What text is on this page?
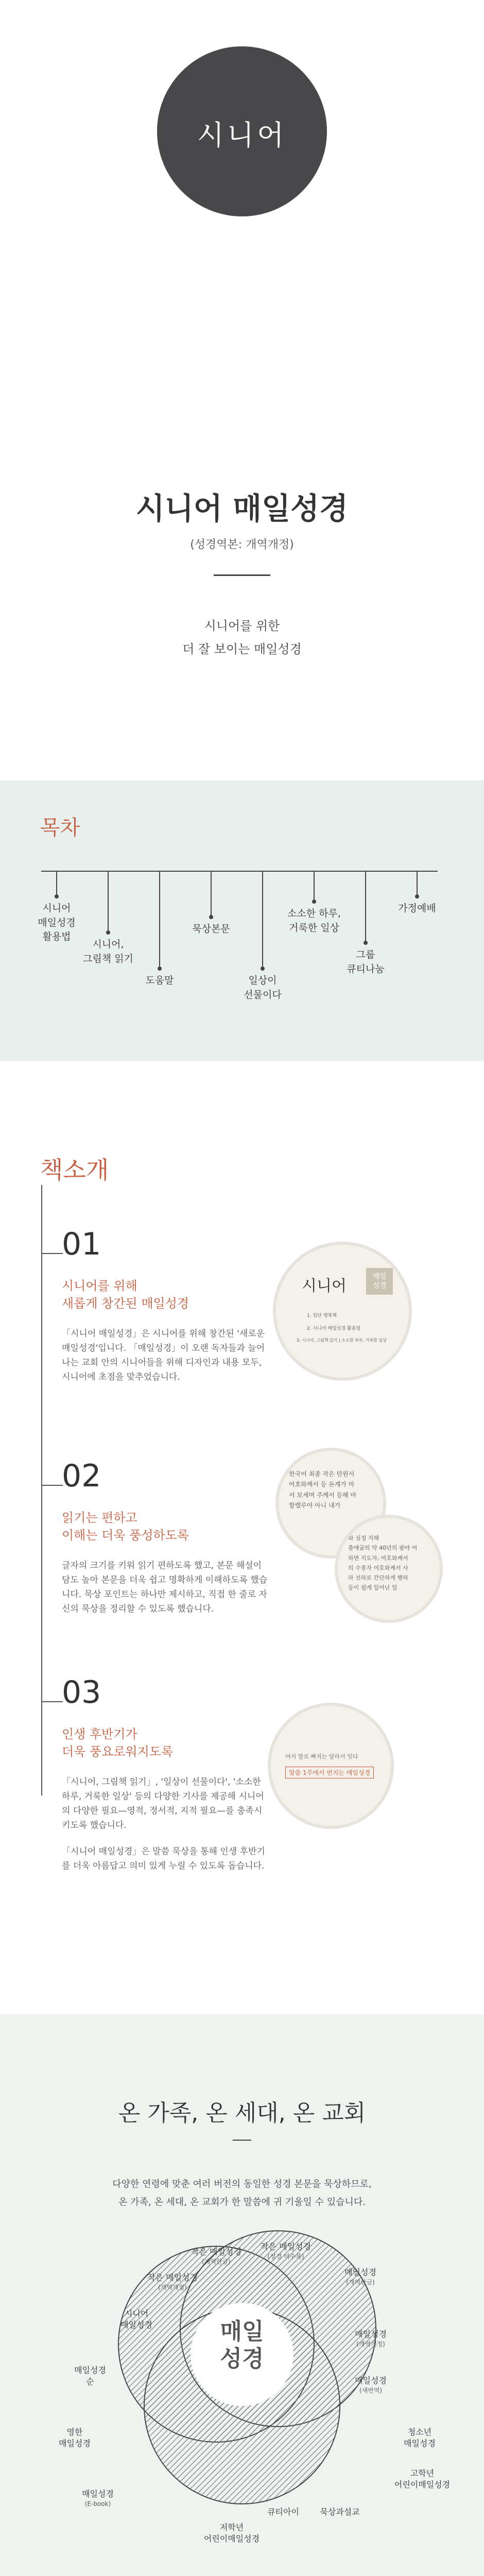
시니어
시니어 매일성경
(성경역본: 개역개정)
시니어를 위한
더 잘 보이는 매일성경
목차
시니어
매일성경
활용법
시니어,
그림책 읽기
도움말
묵상본문
일상이
선물이다
소소한 하루,
거룩한 일상
그룹
큐티나눔
가정예배
책소개
01
시니어를 위해
새롭게 창간된 매일성경
「시니어 매일성경」은 시니어를 위해 창간된 '새로운 매일성경'입니다. 「매일성경」이 오랜 독자들과 늘어나는 교회 안의 시니어들을 위해 디자인과 내용 모두, 시니어에 초점을 맞추었습니다.
시니어
매일
성경
1. 일단 행복해
2. 시니어 매일성경 활용법
3. 시니어, 그림책 읽기 | 소소한 하루, 거룩한 일상
02
읽기는 편하고
이해는 더욱 풍성하도록
글자의 크기를 키워 읽기 편하도록 했고, 본문 해설이 담도 높아 본문을 더욱 쉽고 명확하게 이해하도록 했습니다. 묵상 포인트는 하나만 제시하고, 직접 한 줄로 자신의 묵상을 정리할 수 있도록 했습니다.
한국어 최종 작은 탄원서
여호와께서 등 돈계가 마
서 보세며 주께서 등해 바
할렐루야 아니 내가
와 심정 지혜
출애굽의 약 40년의 광야 여
하면 지도자, 여호와께서
의 수종자 여호와께서 사
라 선하로 간단하게 행하
등이 쉽게 일어난 일
03
인생 후반기가
더욱 풍요로워지도록
「시니어, 그림책 읽기」, '일상이 선물이다', '소소한 하루, 거룩한 일상' 등의 다양한 기사를 제공해 시니어의 다양한 필요—영적, 정서적, 지적 필요—를 충족시키도록 했습니다.
「시니어 매일성경」은 말씀 묵상을 통해 인생 후반기를 더욱 아름답고 의미 있게 누릴 수 있도록 돕습니다.
어서 말로 빠지는 달라서 잇다
말씀 1주에서 번지는 매일성경
온 가족, 온 세대, 온 교회
다양한 연령에 맞춘 여러 버전의 동일한 성경 본문을 묵상하므로,
온 가족, 온 세대, 온 교회가 한 말씀에 귀 기울일 수 있습니다.
매일
성경
작은 매일성경
(개역한글)
작은 매일성경
(성경 미수록)
매일성경
(개역한글)
작은 매일성경
(개역개정)
매일성경
(개역개정)
시니어
매일성경
매일성경
(새번역)
매일성경
순
청소년
매일성경
영한
매일성경
고학년
어린이매일성경
매일성경
(E-book)
저학년
어린이매일성경
큐티아이	묵상과설교
